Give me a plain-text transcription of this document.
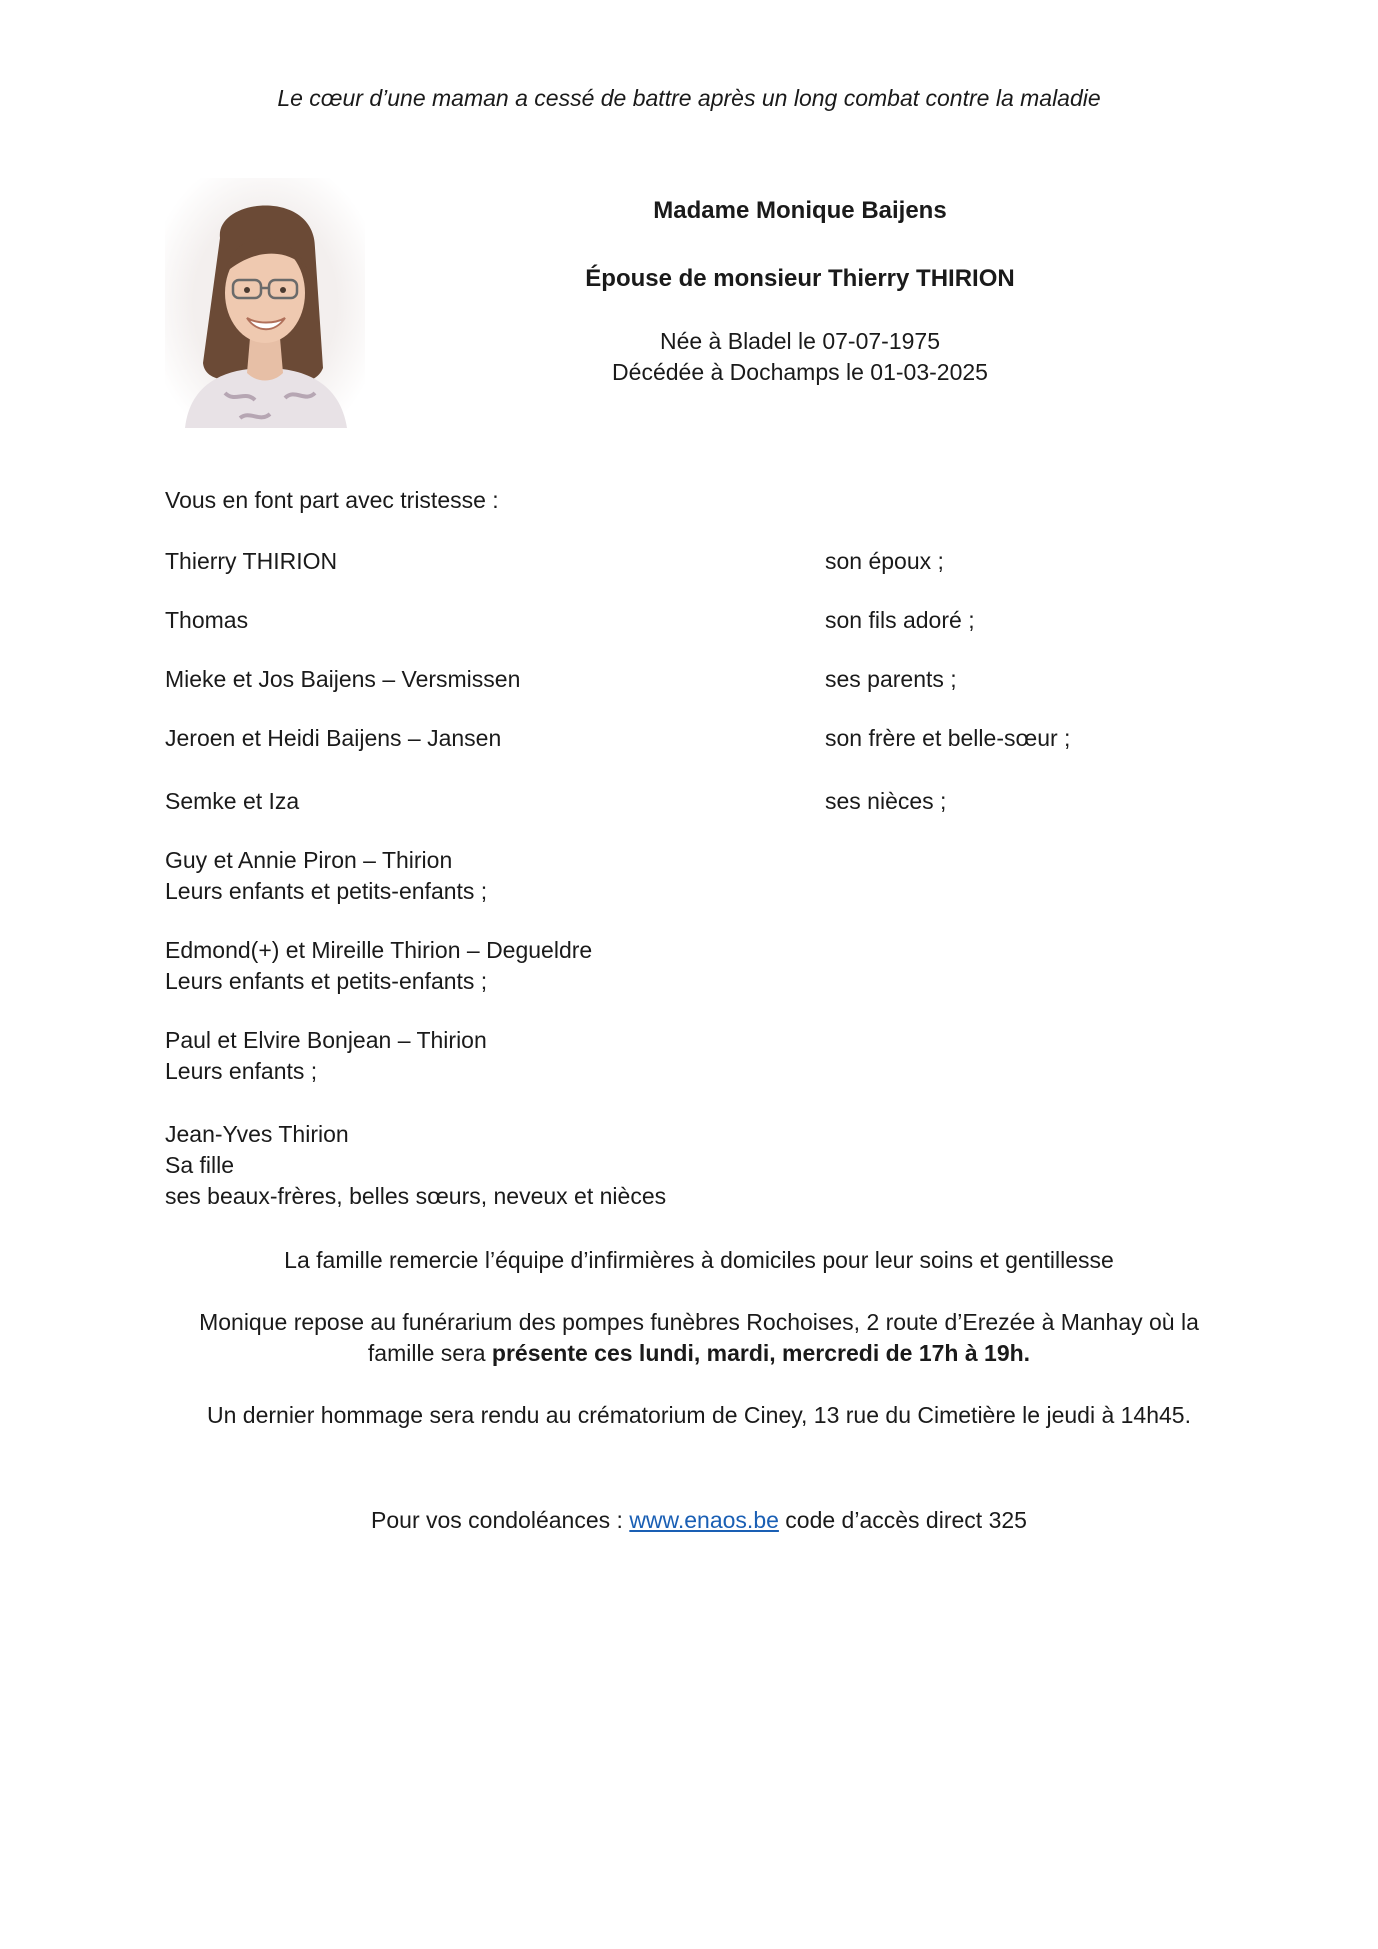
Le cœur d’une maman a cessé de battre après un long combat contre la maladie
Madame Monique Baijens
Épouse de monsieur Thierry THIRION
Née à Bladel le 07-07-1975
Décédée à Dochamps le 01-03-2025
Vous en font part avec tristesse :
Thierry THIRION	son époux ;
Thomas	son fils adoré ;
Mieke et Jos Baijens – Versmissen	ses parents ;
Jeroen et Heidi Baijens – Jansen	son frère et belle-sœur ;
Semke et Iza	ses nièces ;
Guy et Annie Piron – Thirion
Leurs enfants et petits-enfants ;
Edmond(+) et Mireille Thirion – Degueldre
Leurs enfants et petits-enfants ;
Paul et Elvire Bonjean – Thirion
Leurs enfants ;
Jean-Yves Thirion
Sa fille
ses beaux-frères, belles sœurs, neveux et nièces
La famille remercie l’équipe d’infirmières à domiciles pour leur soins et gentillesse
Monique repose au funérarium des pompes funèbres Rochoises, 2 route d’Erezée à Manhay où la
famille sera présente ces lundi, mardi, mercredi de 17h à 19h.
Un dernier hommage sera rendu au crématorium de Ciney, 13 rue du Cimetière le jeudi à 14h45.
Pour vos condoléances : www.enaos.be code d’accès direct 325
